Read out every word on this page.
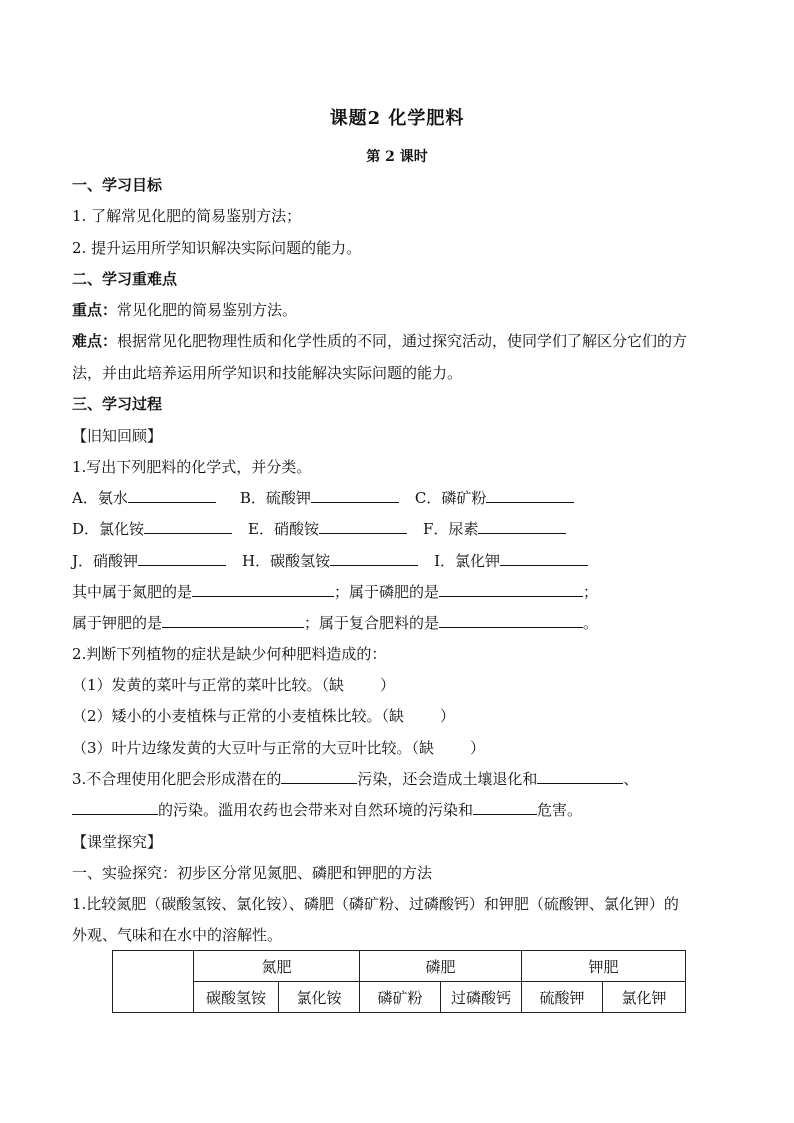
课题2 化学肥料
第 2 课时
一、学习目标
1. 了解常见化肥的简易鉴别方法；
2. 提升运用所学知识解决实际问题的能力。
二、学习重难点
重点：常见化肥的简易鉴别方法。
难点：根据常见化肥物理性质和化学性质的不同，通过探究活动，使同学们了解区分它们的方
法，并由此培养运用所学知识和技能解决实际问题的能力。
三、学习过程
【旧知回顾】
1.写出下列肥料的化学式，并分类。
A．氨水	B．硫酸钾	C．磷矿粉
D．氯化铵	E．硝酸铵	F．尿素
J．硝酸钾	H．碳酸氢铵	I．氯化钾
其中属于氮肥的是	；属于磷肥的是	；
属于钾肥的是	；属于复合肥料的是	。
2.判断下列植物的症状是缺少何种肥料造成的：
（1）发黄的菜叶与正常的菜叶比较。（缺 ）
（2）矮小的小麦植株与正常的小麦植株比较。（缺 ）
（3）叶片边缘发黄的大豆叶与正常的大豆叶比较。（缺 ）
3.不合理使用化肥会形成潜在的	污染，还会造成土壤退化和	、
的污染。滥用农药也会带来对自然环境的污染和	危害。
【课堂探究】
一、实验探究：初步区分常见氮肥、磷肥和钾肥的方法
1.比较氮肥（碳酸氢铵、氯化铵）、磷肥（磷矿粉、过磷酸钙）和钾肥（硫酸钾、氯化钾）的
外观、气味和在水中的溶解性。
	氮肥		磷肥		钾肥	
	碳酸氢铵	氯化铵	磷矿粉	过磷酸钙	硫酸钾	氯化钾
